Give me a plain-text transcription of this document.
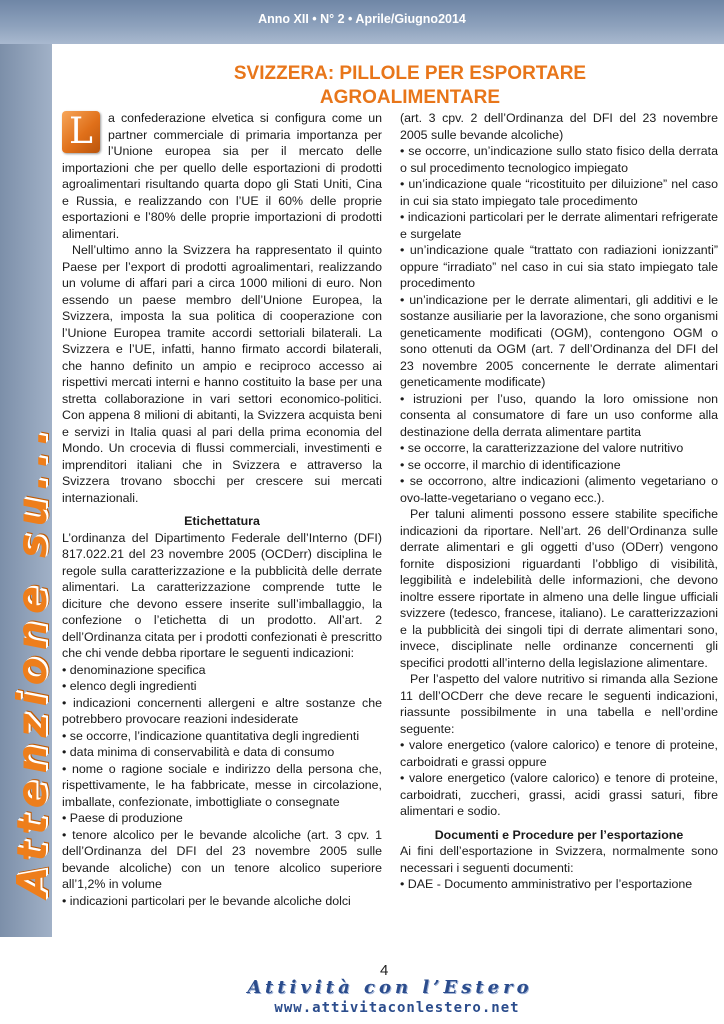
Anno XII • N° 2 • Aprile/Giugno2014
Attenzione su...
SVIZZERA: PILLOLE PER ESPORTARE
AGROALIMENTARE

L	a confederazione elvetica si configura come un partner commerciale di primaria importanza per l’Unione europea sia per il mercato delle importazioni che per quello delle esportazioni di prodotti agroalimentari risultando quarta dopo gli Stati Uniti, Cina e Russia, e realizzando con l’UE il 60% delle proprie esportazioni e l’80% delle proprie importazioni di prodotti alimentari.

Nell’ultimo anno la Svizzera ha rappresentato il quinto Paese per l’export di prodotti agroalimentari, realizzando un volume di affari pari a circa 1000 milioni di euro. Non essendo un paese membro dell’Unione Europea, la Svizzera, imposta la sua politica di cooperazione con l’Unione Europea tramite accordi settoriali bilaterali. La Svizzera e l’UE, infatti, hanno firmato accordi bilaterali, che hanno definito un ampio e reciproco accesso ai rispettivi mercati interni e hanno costituito la base per una stretta collaborazione in vari settori economico-politici. Con appena 8 milioni di abitanti, la Svizzera acquista beni e servizi in Italia quasi al pari della prima economia del Mondo. Un crocevia di flussi commerciali, investimenti e imprenditori italiani che in Svizzera e attraverso la Svizzera trovano sbocchi per crescere sui mercati internazionali.

Etichettatura

L’ordinanza del Dipartimento Federale dell’Interno (DFI) 817.022.21 del 23 novembre 2005 (OCDerr) disciplina le regole sulla caratterizzazione e la pubblicità delle derrate alimentari. La caratterizzazione comprende tutte le diciture che devono essere inserite sull’imballaggio, la confezione o l’etichetta di un prodotto. All’art. 2 dell’Ordinanza citata per i prodotti confezionati è prescritto che chi vende debba riportare le seguenti indicazioni:

• denominazione specifica

• elenco degli ingredienti

• indicazioni concernenti allergeni e altre sostanze che potrebbero provocare reazioni indesiderate

• se occorre, l’indicazione quantitativa degli ingredienti

• data minima di conservabilità e data di consumo

• nome o ragione sociale e indirizzo della persona che, rispettivamente, le ha fabbricate, messe in circolazione, imballate, confezionate, imbottigliate o consegnate

• Paese di produzione

• tenore alcolico per le bevande alcoliche (art. 3 cpv. 1 dell’Ordinanza del DFI del 23 novembre 2005 sulle bevande alcoliche) con un tenore alcolico superiore all’1,2% in volume

• indicazioni particolari per le bevande alcoliche dolci

(art. 3 cpv. 2 dell’Ordinanza del DFI del 23 novembre 2005 sulle bevande alcoliche)

• se occorre, un’indicazione sullo stato fisico della derrata o sul procedimento tecnologico impiegato

• un’indicazione quale “ricostituito per diluizione” nel caso in cui sia stato impiegato tale procedimento

• indicazioni particolari per le derrate alimentari refrigerate e surgelate

• un’indicazione quale “trattato con radiazioni ionizzanti” oppure “irradiato” nel caso in cui sia stato impiegato tale procedimento

• un’indicazione per le derrate alimentari, gli additivi e le sostanze ausiliarie per la lavorazione, che sono organismi geneticamente modificati (OGM), contengono OGM o sono ottenuti da OGM (art. 7 dell’Ordinanza del DFI del 23 novembre 2005 concernente le derrate alimentari geneticamente modificate)

• istruzioni per l’uso, quando la loro omissione non consenta al consumatore di fare un uso conforme alla destinazione della derrata alimentare partita

• se occorre, la caratterizzazione del valore nutritivo

• se occorre, il marchio di identificazione

• se occorrono, altre indicazioni (alimento vegetariano o ovo-latte-vegetariano o vegano ecc.).

Per taluni alimenti possono essere stabilite specifiche indicazioni da riportare. Nell’art. 26 dell’Ordinanza sulle derrate alimentari e gli oggetti d’uso (ODerr) vengono fornite disposizioni riguardanti l’obbligo di visibilità, leggibilità e indelebilità delle informazioni, che devono inoltre essere riportate in almeno una delle lingue ufficiali svizzere (tedesco, francese, italiano). Le caratterizzazioni e la pubblicità dei singoli tipi di derrate alimentari sono, invece, disciplinate nelle ordinanze concernenti gli specifici prodotti all’interno della legislazione alimentare.

Per l’aspetto del valore nutritivo si rimanda alla Sezione 11 dell’OCDerr che deve recare le seguenti indicazioni, riassunte possibilmente in una tabella e nell’ordine seguente:

• valore energetico (valore calorico) e tenore di proteine, carboidrati e grassi oppure

• valore energetico (valore calorico) e tenore di proteine, carboidrati, zuccheri, grassi, acidi grassi saturi, fibre alimentari e sodio.

Documenti e Procedure per l’esportazione

Ai fini dell’esportazione in Svizzera, normalmente sono necessari i seguenti documenti:

• DAE - Documento amministrativo per l’esportazione

4
Attività con l’Estero
www.attivitaconlestero.net
